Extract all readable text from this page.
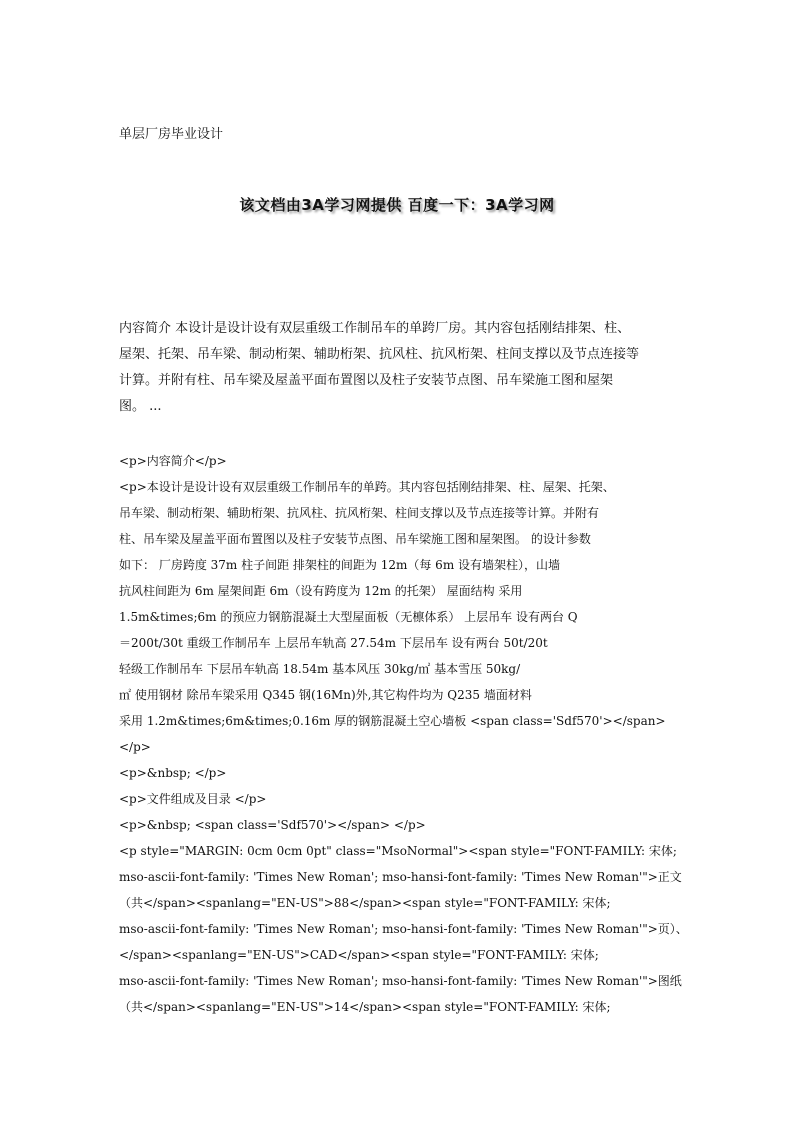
单层厂房毕业设计
该文档由3A学习网提供 百度一下：3A学习网
内容简介 本设计是设计设有双层重级工作制吊车的单跨厂房。其内容包括刚结排架、柱、
屋架、托架、吊车梁、制动桁架、辅助桁架、抗风柱、抗风桁架、柱间支撑以及节点连接等
计算。并附有柱、吊车梁及屋盖平面布置图以及柱子安装节点图、吊车梁施工图和屋架
图。 ...
<p>内容简介</p>
<p>本设计是设计设有双层重级工作制吊车的单跨。其内容包括刚结排架、柱、屋架、托架、
吊车梁、制动桁架、辅助桁架、抗风柱、抗风桁架、柱间支撑以及节点连接等计算。并附有
柱、吊车梁及屋盖平面布置图以及柱子安装节点图、吊车梁施工图和屋架图。 的设计参数
如下： 厂房跨度 37m 柱子间距 排架柱的间距为 12m（每 6m 设有墙架柱），山墙
抗风柱间距为 6m 屋架间距 6m（设有跨度为 12m 的托架） 屋面结构 采用
1.5m&times;6m 的预应力钢筋混凝土大型屋面板（无檩体系） 上层吊车 设有两台 Q
＝200t/30t 重级工作制吊车 上层吊车轨高 27.54m 下层吊车 设有两台 50t/20t
轻级工作制吊车 下层吊车轨高 18.54m 基本风压 30kg/㎡ 基本雪压 50kg/
㎡ 使用钢材 除吊车梁采用 Q345 钢(16Mn)外,其它构件均为 Q235 墙面材料
采用 1.2m&times;6m&times;0.16m 厚的钢筋混凝土空心墙板 <span class='Sdf570'></span>
</p>
<p>&nbsp; </p>
<p>文件组成及目录 </p>
<p>&nbsp; <span class='Sdf570'></span> </p>
<p style="MARGIN: 0cm 0cm 0pt" class="MsoNormal"><span style="FONT-FAMILY: 宋体;
mso-ascii-font-family: 'Times New Roman'; mso-hansi-font-family: 'Times New Roman'">正文
（共</span><spanlang="EN-US">88</span><span style="FONT-FAMILY: 宋体;
mso-ascii-font-family: 'Times New Roman'; mso-hansi-font-family: 'Times New Roman'">页）、
</span><spanlang="EN-US">CAD</span><span style="FONT-FAMILY: 宋体;
mso-ascii-font-family: 'Times New Roman'; mso-hansi-font-family: 'Times New Roman'">图纸
（共</span><spanlang="EN-US">14</span><span style="FONT-FAMILY: 宋体;
